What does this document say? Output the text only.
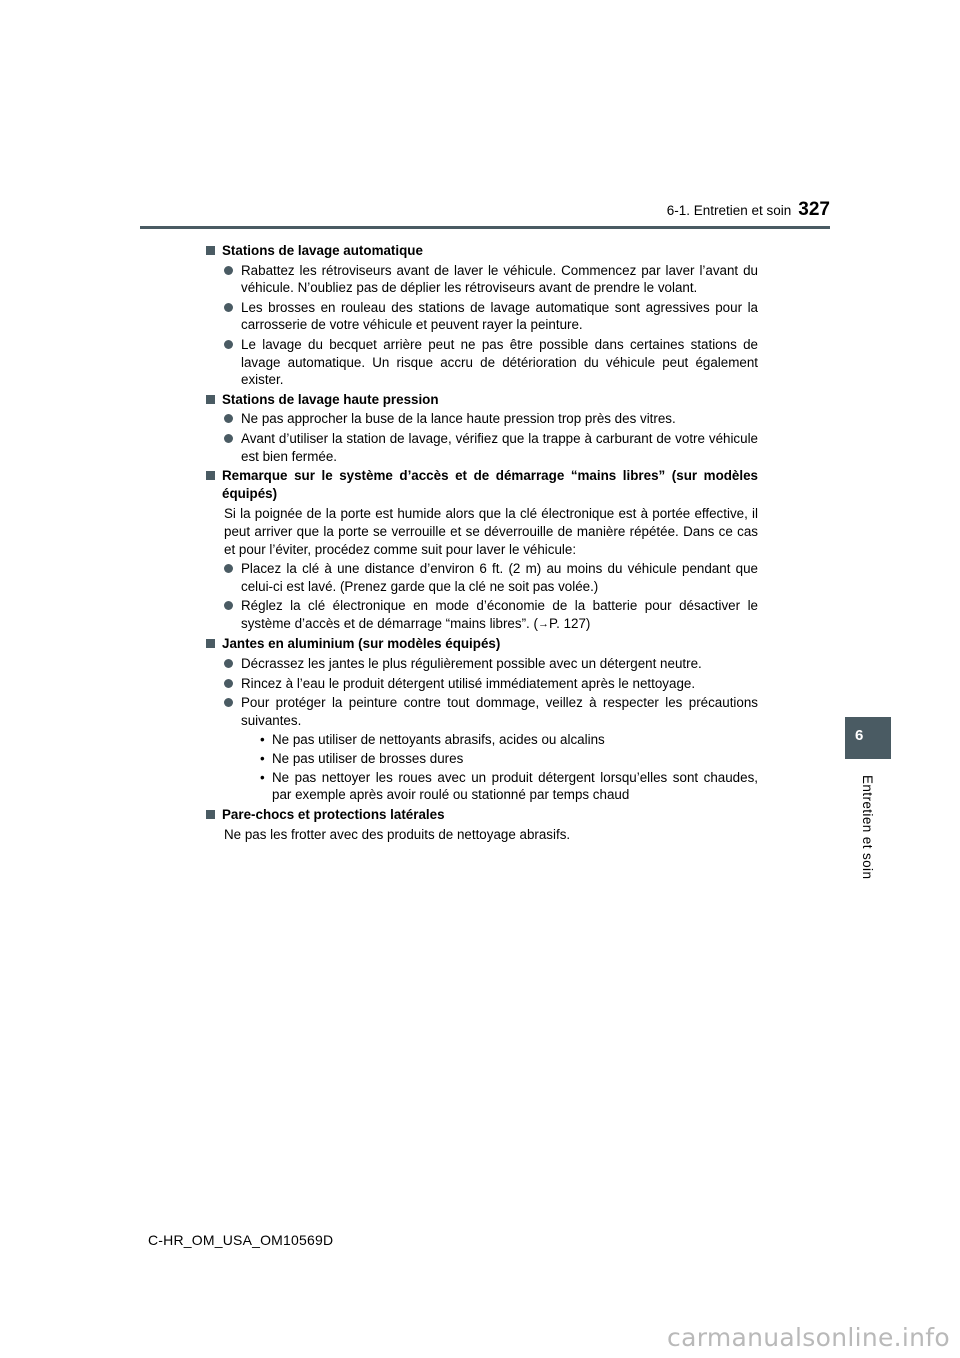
6-1. Entretien et soin 327
6
Entretien et soin
Stations de lavage automatique
Rabattez les rétroviseurs avant de laver le véhicule. Commencez par laver l’avant du véhicule. N’oubliez pas de déplier les rétroviseurs avant de prendre le volant.
Les brosses en rouleau des stations de lavage automatique sont agressives pour la carrosserie de votre véhicule et peuvent rayer la peinture.
Le lavage du becquet arrière peut ne pas être possible dans certaines stations de lavage automatique. Un risque accru de détérioration du véhicule peut également exister.
Stations de lavage haute pression
Ne pas approcher la buse de la lance haute pression trop près des vitres.
Avant d’utiliser la station de lavage, vérifiez que la trappe à carburant de votre véhicule est bien fermée.
Remarque sur le système d’accès et de démarrage “mains libres” (sur modèles équipés)
Si la poignée de la porte est humide alors que la clé électronique est à portée effective, il peut arriver que la porte se verrouille et se déverrouille de manière répétée. Dans ce cas et pour l’éviter, procédez comme suit pour laver le véhicule:
Placez la clé à une distance d’environ 6 ft. (2 m) au moins du véhicule pendant que celui-ci est lavé. (Prenez garde que la clé ne soit pas volée.)
Réglez la clé électronique en mode d’économie de la batterie pour désactiver le système d’accès et de démarrage “mains libres”. (→P. 127)
Jantes en aluminium (sur modèles équipés)
Décrassez les jantes le plus régulièrement possible avec un détergent neutre.
Rincez à l’eau le produit détergent utilisé immédiatement après le nettoyage.
Pour protéger la peinture contre tout dommage, veillez à respecter les précautions suivantes.
• Ne pas utiliser de nettoyants abrasifs, acides ou alcalins
• Ne pas utiliser de brosses dures
• Ne pas nettoyer les roues avec un produit détergent lorsqu’elles sont chaudes, par exemple après avoir roulé ou stationné par temps chaud
Pare-chocs et protections latérales
Ne pas les frotter avec des produits de nettoyage abrasifs.
C-HR_OM_USA_OM10569D
carmanualsonline.info
